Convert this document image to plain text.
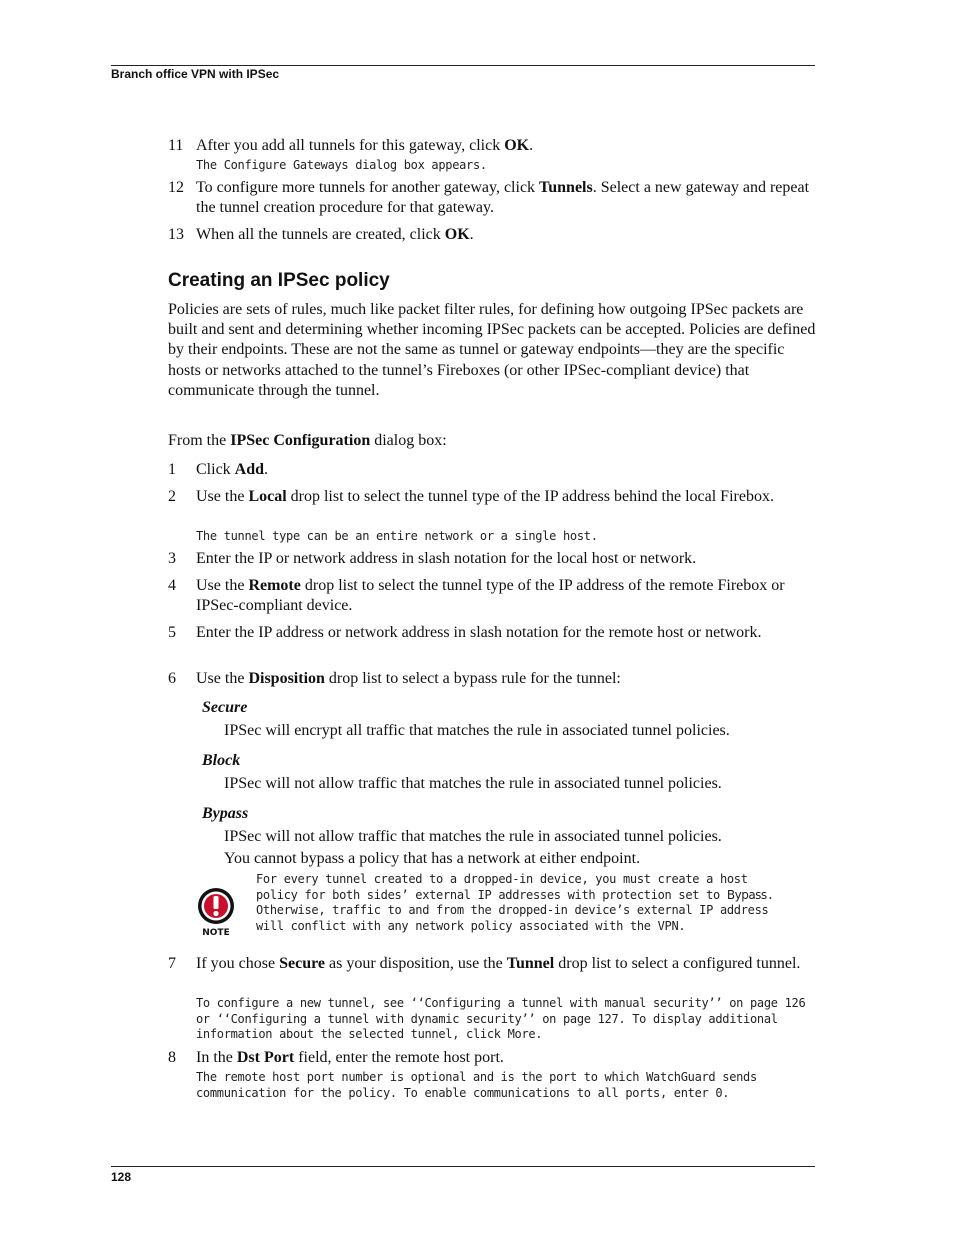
Branch office VPN with IPSec
11 After you add all tunnels for this gateway, click OK.
The Configure Gateways dialog box appears.
12 To configure more tunnels for another gateway, click Tunnels. Select a new gateway and repeat the tunnel creation procedure for that gateway.
13 When all the tunnels are created, click OK.
Creating an IPSec policy
Policies are sets of rules, much like packet filter rules, for defining how outgoing IPSec packets are built and sent and determining whether incoming IPSec packets can be accepted. Policies are defined by their endpoints. These are not the same as tunnel or gateway endpoints—they are the specific hosts or networks attached to the tunnel’s Fireboxes (or other IPSec-compliant device) that communicate through the tunnel.
From the IPSec Configuration dialog box:
1	Click Add.
2	Use the Local drop list to select the tunnel type of the IP address behind the local Firebox.
The tunnel type can be an entire network or a single host.
3	Enter the IP or network address in slash notation for the local host or network.
4	Use the Remote drop list to select the tunnel type of the IP address of the remote Firebox or IPSec-compliant device.
5	Enter the IP address or network address in slash notation for the remote host or network.
6	Use the Disposition drop list to select a bypass rule for the tunnel:
Secure
IPSec will encrypt all traffic that matches the rule in associated tunnel policies.
Block
IPSec will not allow traffic that matches the rule in associated tunnel policies.
Bypass
IPSec will not allow traffic that matches the rule in associated tunnel policies.
You cannot bypass a policy that has a network at either endpoint.
NOTE
For every tunnel created to a dropped-in device, you must create a host policy for both sides’ external IP addresses with protection set to Bypass. Otherwise, traffic to and from the dropped-in device’s external IP address will conflict with any network policy associated with the VPN.
7	If you chose Secure as your disposition, use the Tunnel drop list to select a configured tunnel.
To configure a new tunnel, see ‘‘Configuring a tunnel with manual security’’ on page 126 or ‘‘Configuring a tunnel with dynamic security’’ on page 127. To display additional information about the selected tunnel, click More.
8	In the Dst Port field, enter the remote host port.
The remote host port number is optional and is the port to which WatchGuard sends communication for the policy. To enable communications to all ports, enter 0.
128
